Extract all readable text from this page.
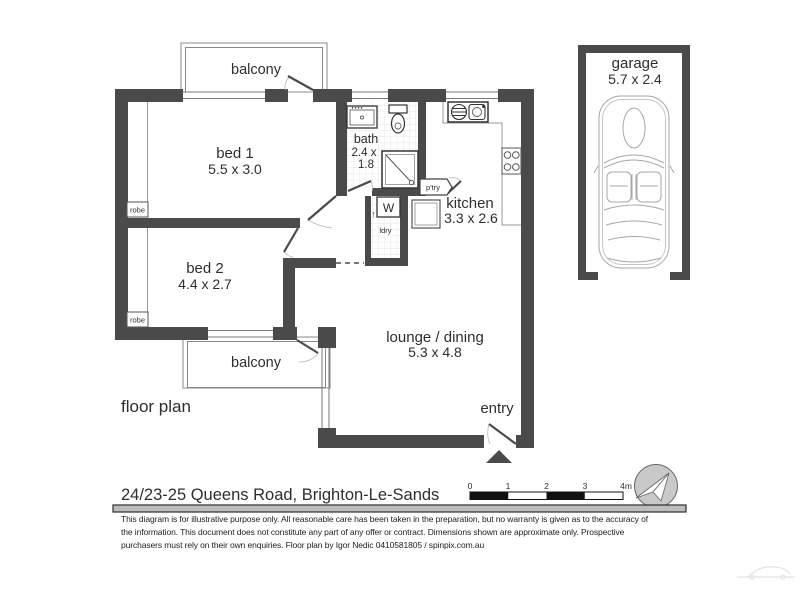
robe
robe
W
↑
p'try
balcony
bed 1
5.5 x 3.0
bath
2.4 x
1.8
kitchen
3.3 x 2.6
ldry
bed 2
4.4 x 2.7
lounge / dining
5.3 x 4.8
balcony
entry
garage
5.7 x 2.4
floor plan
24/23-25 Queens Road, Brighton-Le-Sands	0	1	2	3	4m
This diagram is for illustrative purpose only. All reasonable care has been taken in the preparation, but no warranty is given as to the accuracy of
the information. This document does not constitute any part of any offer or contract. Dimensions shown are approximate only. Prospective
purchasers must rely on their own enquiries. Floor plan by Igor Nedic 0410581805 / spinpix.com.au
